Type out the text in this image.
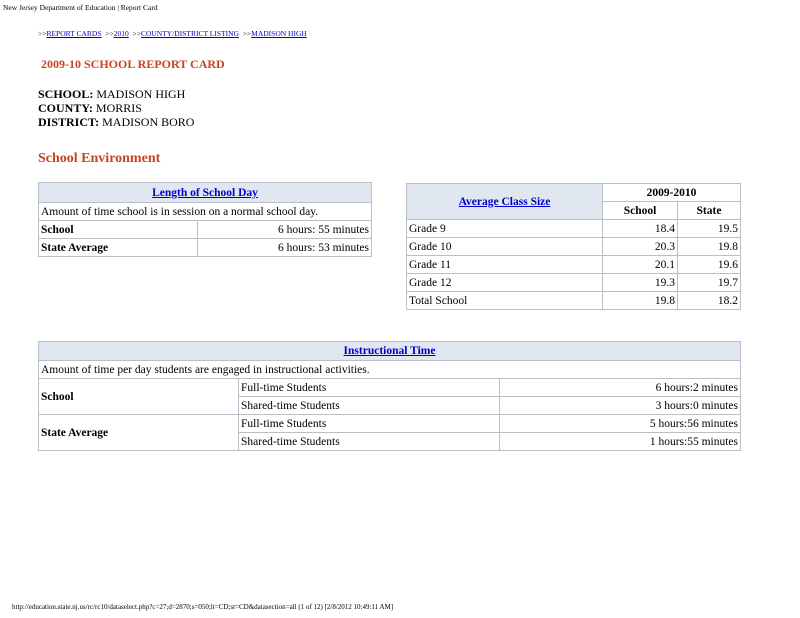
New Jersey Department of Education | Report Card
>>REPORT CARDS >>2010 >>COUNTY/DISTRICT LISTING >>MADISON HIGH
2009-10 SCHOOL REPORT CARD
SCHOOL: MADISON HIGH
COUNTY: MORRIS
DISTRICT: MADISON BORO
School Environment
Length of School Day	
Amount of time school is in session on a normal school day.	
School	6 hours: 55 minutes
State Average	6 hours: 53 minutes
Average Class Size	2009-2010	
	School	State
Grade 9	18.4	19.5
Grade 10	20.3	19.8
Grade 11	20.1	19.6
Grade 12	19.3	19.7
Total School	19.8	18.2
Instructional Time		
Amount of time per day students are engaged in instructional activities.		
School	Full-time Students	6 hours:2 minutes
	Shared-time Students	3 hours:0 minutes
State Average	Full-time Students	5 hours:56 minutes
	Shared-time Students	1 hours:55 minutes
http://education.state.nj.us/rc/rc10/dataselect.php?c=27;d=2870;s=050;lt=CD;st=CD&datasection=all (1 of 12) [2/8/2012 10:49:11 AM]
